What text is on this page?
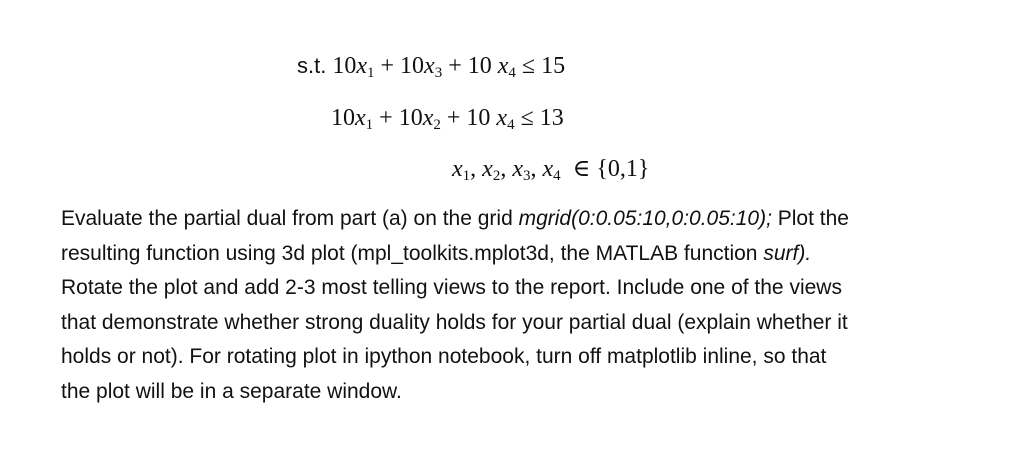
s.t. $10x_1 + 10x_3 + 10$ $x_4 \le 15$
$10x_1 + 10x_2 + 10$ $x_4 \le 13$
$x_1$, $x_2$, $x_3$, $x_4$ ∈ {0,1}
Evaluate the partial dual from part (a) on the grid mgrid(0:0.05:10,0:0.05:10); Plot the
resulting function using 3d plot (mpl_toolkits.mplot3d, the MATLAB function surf).
Rotate the plot and add 2-3 most telling views to the report. Include one of the views
that demonstrate whether strong duality holds for your partial dual (explain whether it
holds or not). For rotating plot in ipython notebook, turn off matplotlib inline, so that
the plot will be in a separate window.
